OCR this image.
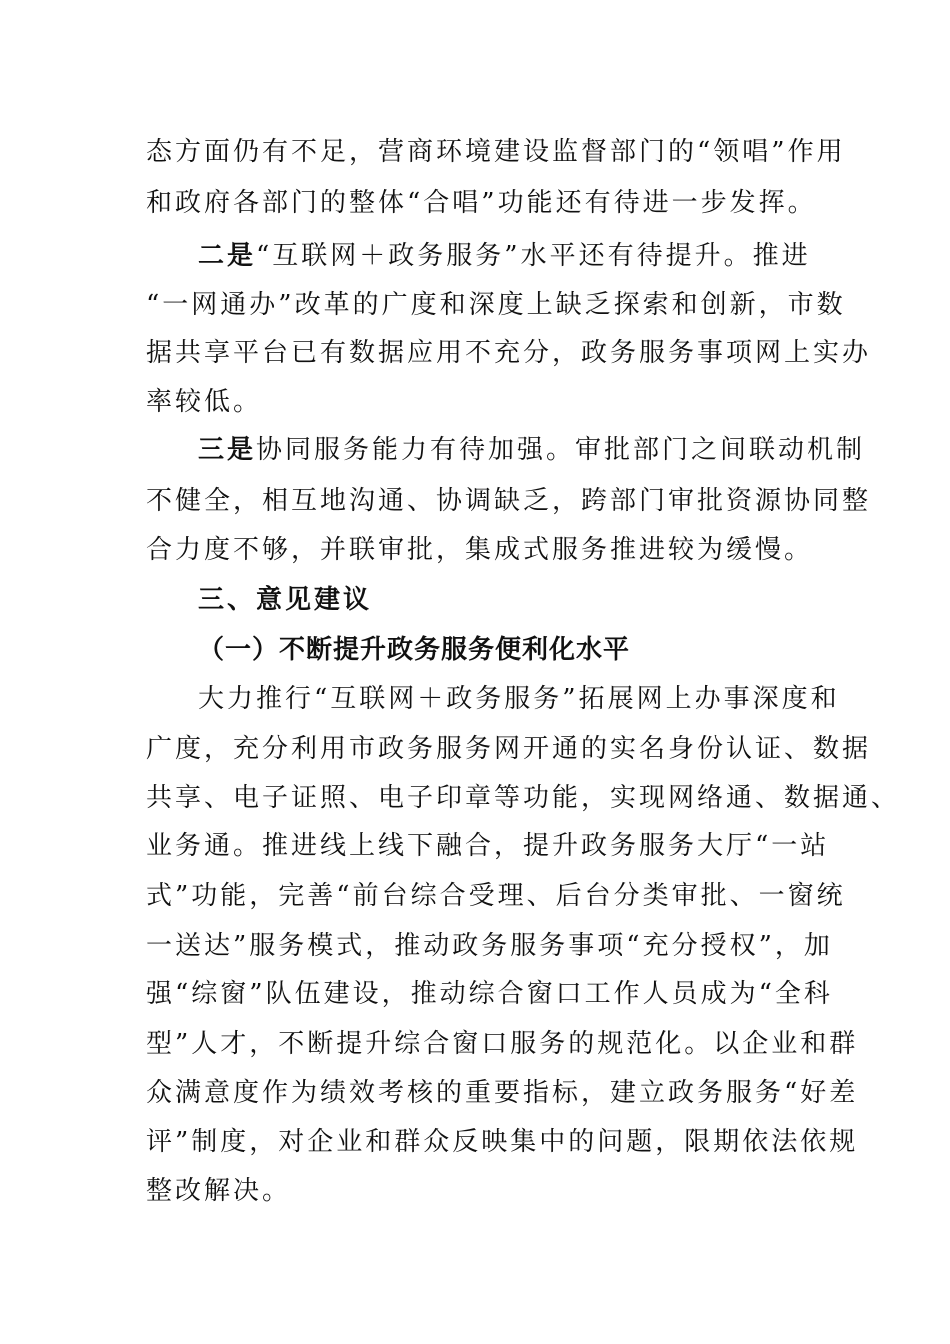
态方面仍有不足，营商环境建设监督部门的“领唱”作用
和政府各部门的整体“合唱”功能还有待进一步发挥。
二是“互联网＋政务服务”水平还有待提升。推进
“一网通办”改革的广度和深度上缺乏探索和创新，市数
据共享平台已有数据应用不充分，政务服务事项网上实办
率较低。
三是协同服务能力有待加强。审批部门之间联动机制
不健全，相互地沟通、协调缺乏，跨部门审批资源协同整
合力度不够，并联审批，集成式服务推进较为缓慢。
三、意见建议
（一）不断提升政务服务便利化水平
大力推行“互联网＋政务服务”拓展网上办事深度和
广度，充分利用市政务服务网开通的实名身份认证、数据
共享、电子证照、电子印章等功能，实现网络通、数据通、
业务通。推进线上线下融合，提升政务服务大厅“一站
式”功能，完善“前台综合受理、后台分类审批、一窗统
一送达”服务模式，推动政务服务事项“充分授权”，加
强“综窗”队伍建设，推动综合窗口工作人员成为“全科
型”人才，不断提升综合窗口服务的规范化。以企业和群
众满意度作为绩效考核的重要指标，建立政务服务“好差
评”制度，对企业和群众反映集中的问题，限期依法依规
整改解决。
